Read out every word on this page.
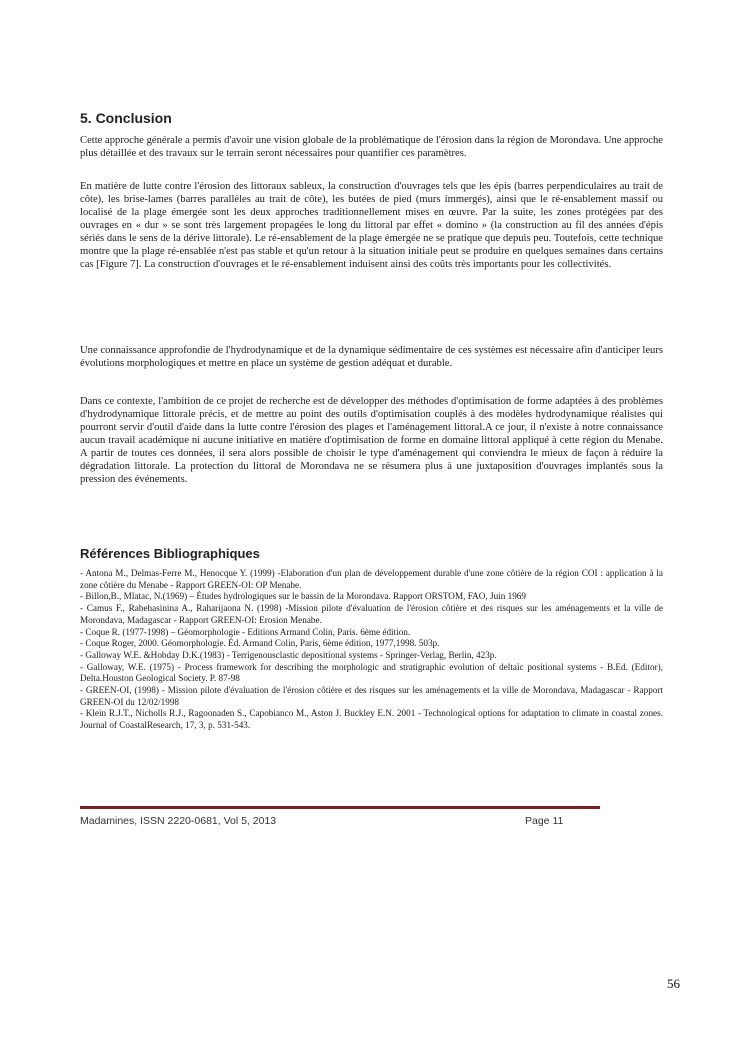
5. Conclusion

Cette approche générale a permis d'avoir une vision globale de la problématique de l'érosion dans la région de Morondava. Une approche plus détaillée et des travaux sur le terrain seront nécessaires pour quantifier ces paramètres.

En matière de lutte contre l'érosion des littoraux sableux, la construction d'ouvrages tels que les épis (barres perpendiculaires au trait de côte), les brise-lames (barres parallèles au trait de côte), les butées de pied (murs immergés), ainsi que le ré-ensablement massif ou localisé de la plage émergée sont les deux approches traditionnellement mises en œuvre. Par la suite, les zones protégées par des ouvrages en « dur » se sont très largement propagées le long du littoral par effet « domino » (la construction au fil des années d'épis sériés dans le sens de la dérive littorale). Le ré-ensablement de la plage émergée ne se pratique que depuis peu. Toutefois, cette technique montre que la plage ré-ensablée n'est pas stable et qu'un retour à la situation initiale peut se produire en quelques semaines dans certains cas [Figure 7]. La construction d'ouvrages et le ré-ensablement induisent ainsi des coûts très importants pour les collectivités.

Une connaissance approfondie de l'hydrodynamique et de la dynamique sédimentaire de ces systèmes est nécessaire afin d'anticiper leurs évolutions morphologiques et mettre en place un système de gestion adéquat et durable.

Dans ce contexte, l'ambition de ce projet de recherche est de développer des méthodes d'optimisation de forme adaptées à des problèmes d'hydrodynamique littorale précis, et de mettre au point des outils d'optimisation couplés à des modèles hydrodynamique réalistes qui pourront servir d'outil d'aide dans la lutte contre l'érosion des plages et l'aménagement littoral.A ce jour, il n'existe à notre connaissance aucun travail académique ni aucune initiative en matière d'optimisation de forme en domaine littoral appliqué à cette région du Menabe. A partir de toutes ces données, il sera alors possible de choisir le type d'aménagement qui conviendra le mieux de façon à réduire la dégradation littorale. La protection du littoral de Morondava ne se résumera plus à une juxtaposition d'ouvrages implantés sous la pression des événements.

Références Bibliographiques
- Antona M., Delmas-Ferre M., Henocque Y. (1999) -Elaboration d'un plan de développement durable d'une zone côtière de la région COI : application à la zone côtière du Menabe - Rapport GREEN-OI: OP Menabe.
- Billon,B., Mlatac, N.(1969) – Études hydrologiques sur le bassin de la Morondava. Rapport ORSTOM, FAO, Juin 1969
- Camus F., Rabehasinina A., Raharijaona N. (1998) -Mission pilote d'évaluation de l'érosion côtière et des risques sur les aménagements et la ville de Morondava, Madagascar - Rapport GREEN-OI: Erosion Menabe.
- Coque R. (1977-1998) – Géomorphologie - Editions Armand Colin, Paris. 6ème édition.
- Coque Roger, 2000. Géomorphologie. Éd. Armand Colin, Paris, 6ème édition, 1977,1998. 503p.
- Galloway W.E. &Hobday D.K.(1983) - Terrigenousclastic depositional systems - Springer-Verlag, Berlin, 423p.
- Galloway, W.E. (1975) - Process framework for describing the morphologic and stratigraphic evolution of deltaïc positional systems - B.Ed. (Editor), Delta.Houston Geological Society. P. 87-98
- GREEN-OI, (1998) - Mission pilote d'évaluation de l'érosion côtière et des risques sur les aménagements et la ville de Morondava, Madagascar - Rapport GREEN-OI du 12/02/1998
- Klein R.J.T., Nicholls R.J., Ragoonaden S., Capobianco M., Aston J. Buckley E.N. 2001 - Technological options for adaptation to climate in coastal zones. Journal of CoastalResearch, 17, 3, p. 531-543.
Madamines, ISSN 2220-0681, Vol 5, 2013	Page 11
56
